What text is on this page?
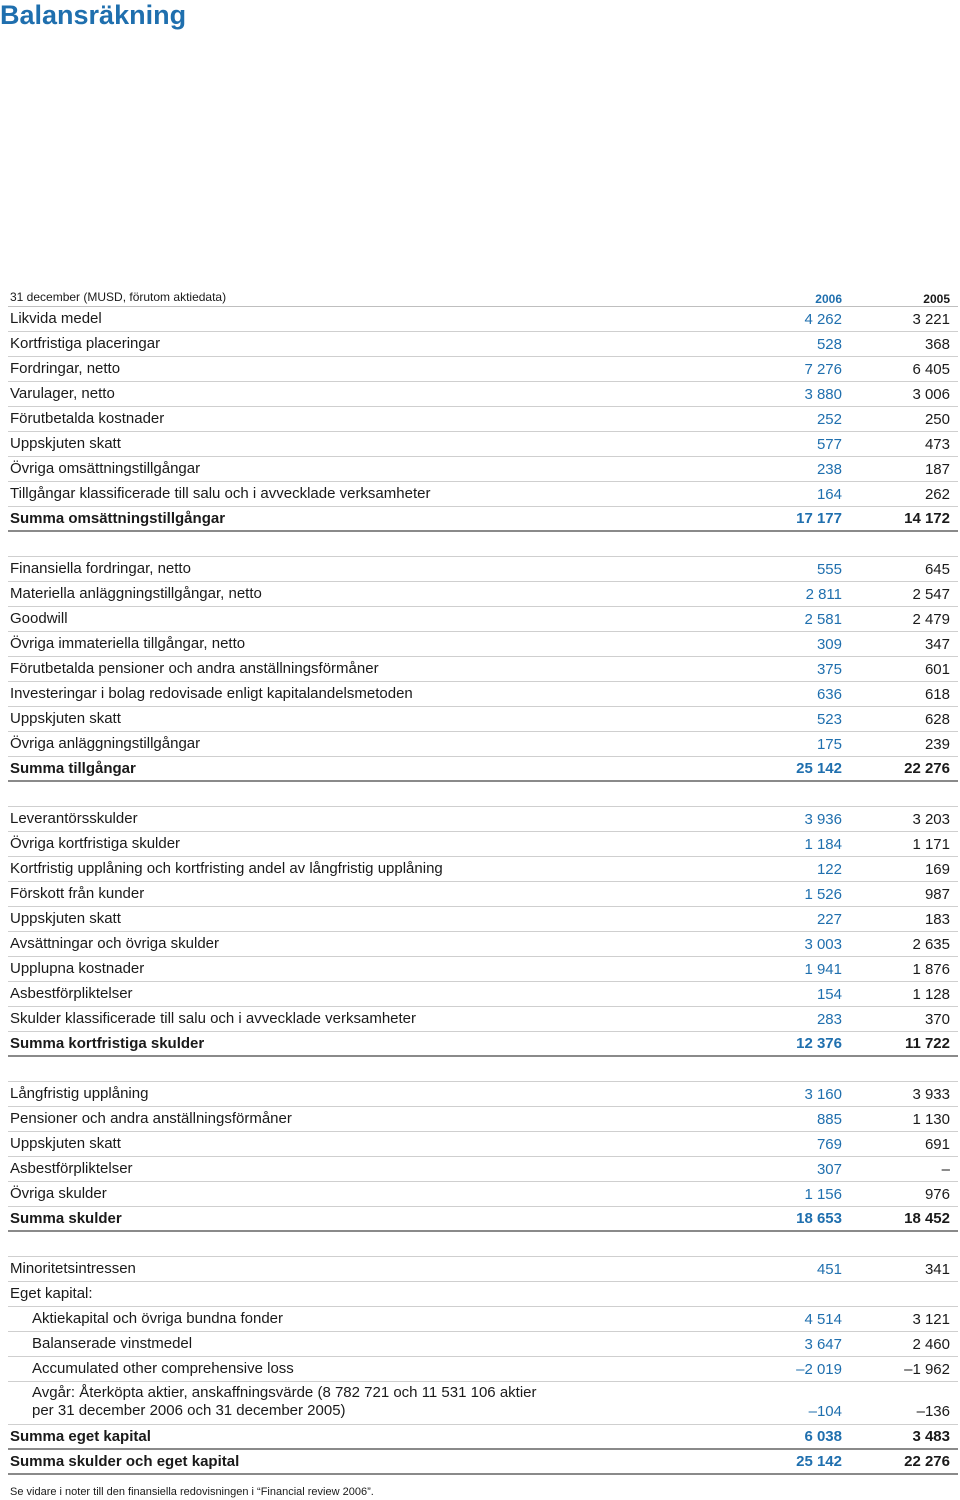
Balansräkning
31 december (MUSD, förutom aktiedata)	2006	2005
Likvida medel	4 262	3 221
Kortfristiga placeringar	528	368
Fordringar, netto	7 276	6 405
Varulager, netto	3 880	3 006
Förutbetalda kostnader	252	250
Uppskjuten skatt	577	473
Övriga omsättningstillgångar	238	187
Tillgångar klassificerade till salu och i avvecklade verksamheter	164	262
Summa omsättningstillgångar	17 177	14 172
Finansiella fordringar, netto	555	645
Materiella anläggningstillgångar, netto	2 811	2 547
Goodwill	2 581	2 479
Övriga immateriella tillgångar, netto	309	347
Förutbetalda pensioner och andra anställningsförmåner	375	601
Investeringar i bolag redovisade enligt kapitalandelsmetoden	636	618
Uppskjuten skatt	523	628
Övriga anläggningstillgångar	175	239
Summa tillgångar	25 142	22 276
Leverantörsskulder	3 936	3 203
Övriga kortfristiga skulder	1 184	1 171
Kortfristig upplåning och kortfristing andel av långfristig upplåning	122	169
Förskott från kunder	1 526	987
Uppskjuten skatt	227	183
Avsättningar och övriga skulder	3 003	2 635
Upplupna kostnader	1 941	1 876
Asbestförpliktelser	154	1 128
Skulder klassificerade till salu och i avvecklade verksamheter	283	370
Summa kortfristiga skulder	12 376	11 722
Långfristig upplåning	3 160	3 933
Pensioner och andra anställningsförmåner	885	1 130
Uppskjuten skatt	769	691
Asbestförpliktelser	307	–
Övriga skulder	1 156	976
Summa skulder	18 653	18 452
Minoritetsintressen	451	341
Eget kapital:
Aktiekapital och övriga bundna fonder	4 514	3 121
Balanserade vinstmedel	3 647	2 460
Accumulated other comprehensive loss	–2 019	–1 962
Avgår: Återköpta aktier, anskaffningsvärde (8 782 721 och 11 531 106 aktier
per 31 december 2006 och 31 december 2005)	–104	–136
Summa eget kapital	6 038	3 483
Summa skulder och eget kapital	25 142	22 276
Se vidare i noter till den finansiella redovisningen i “Financial review 2006”.
